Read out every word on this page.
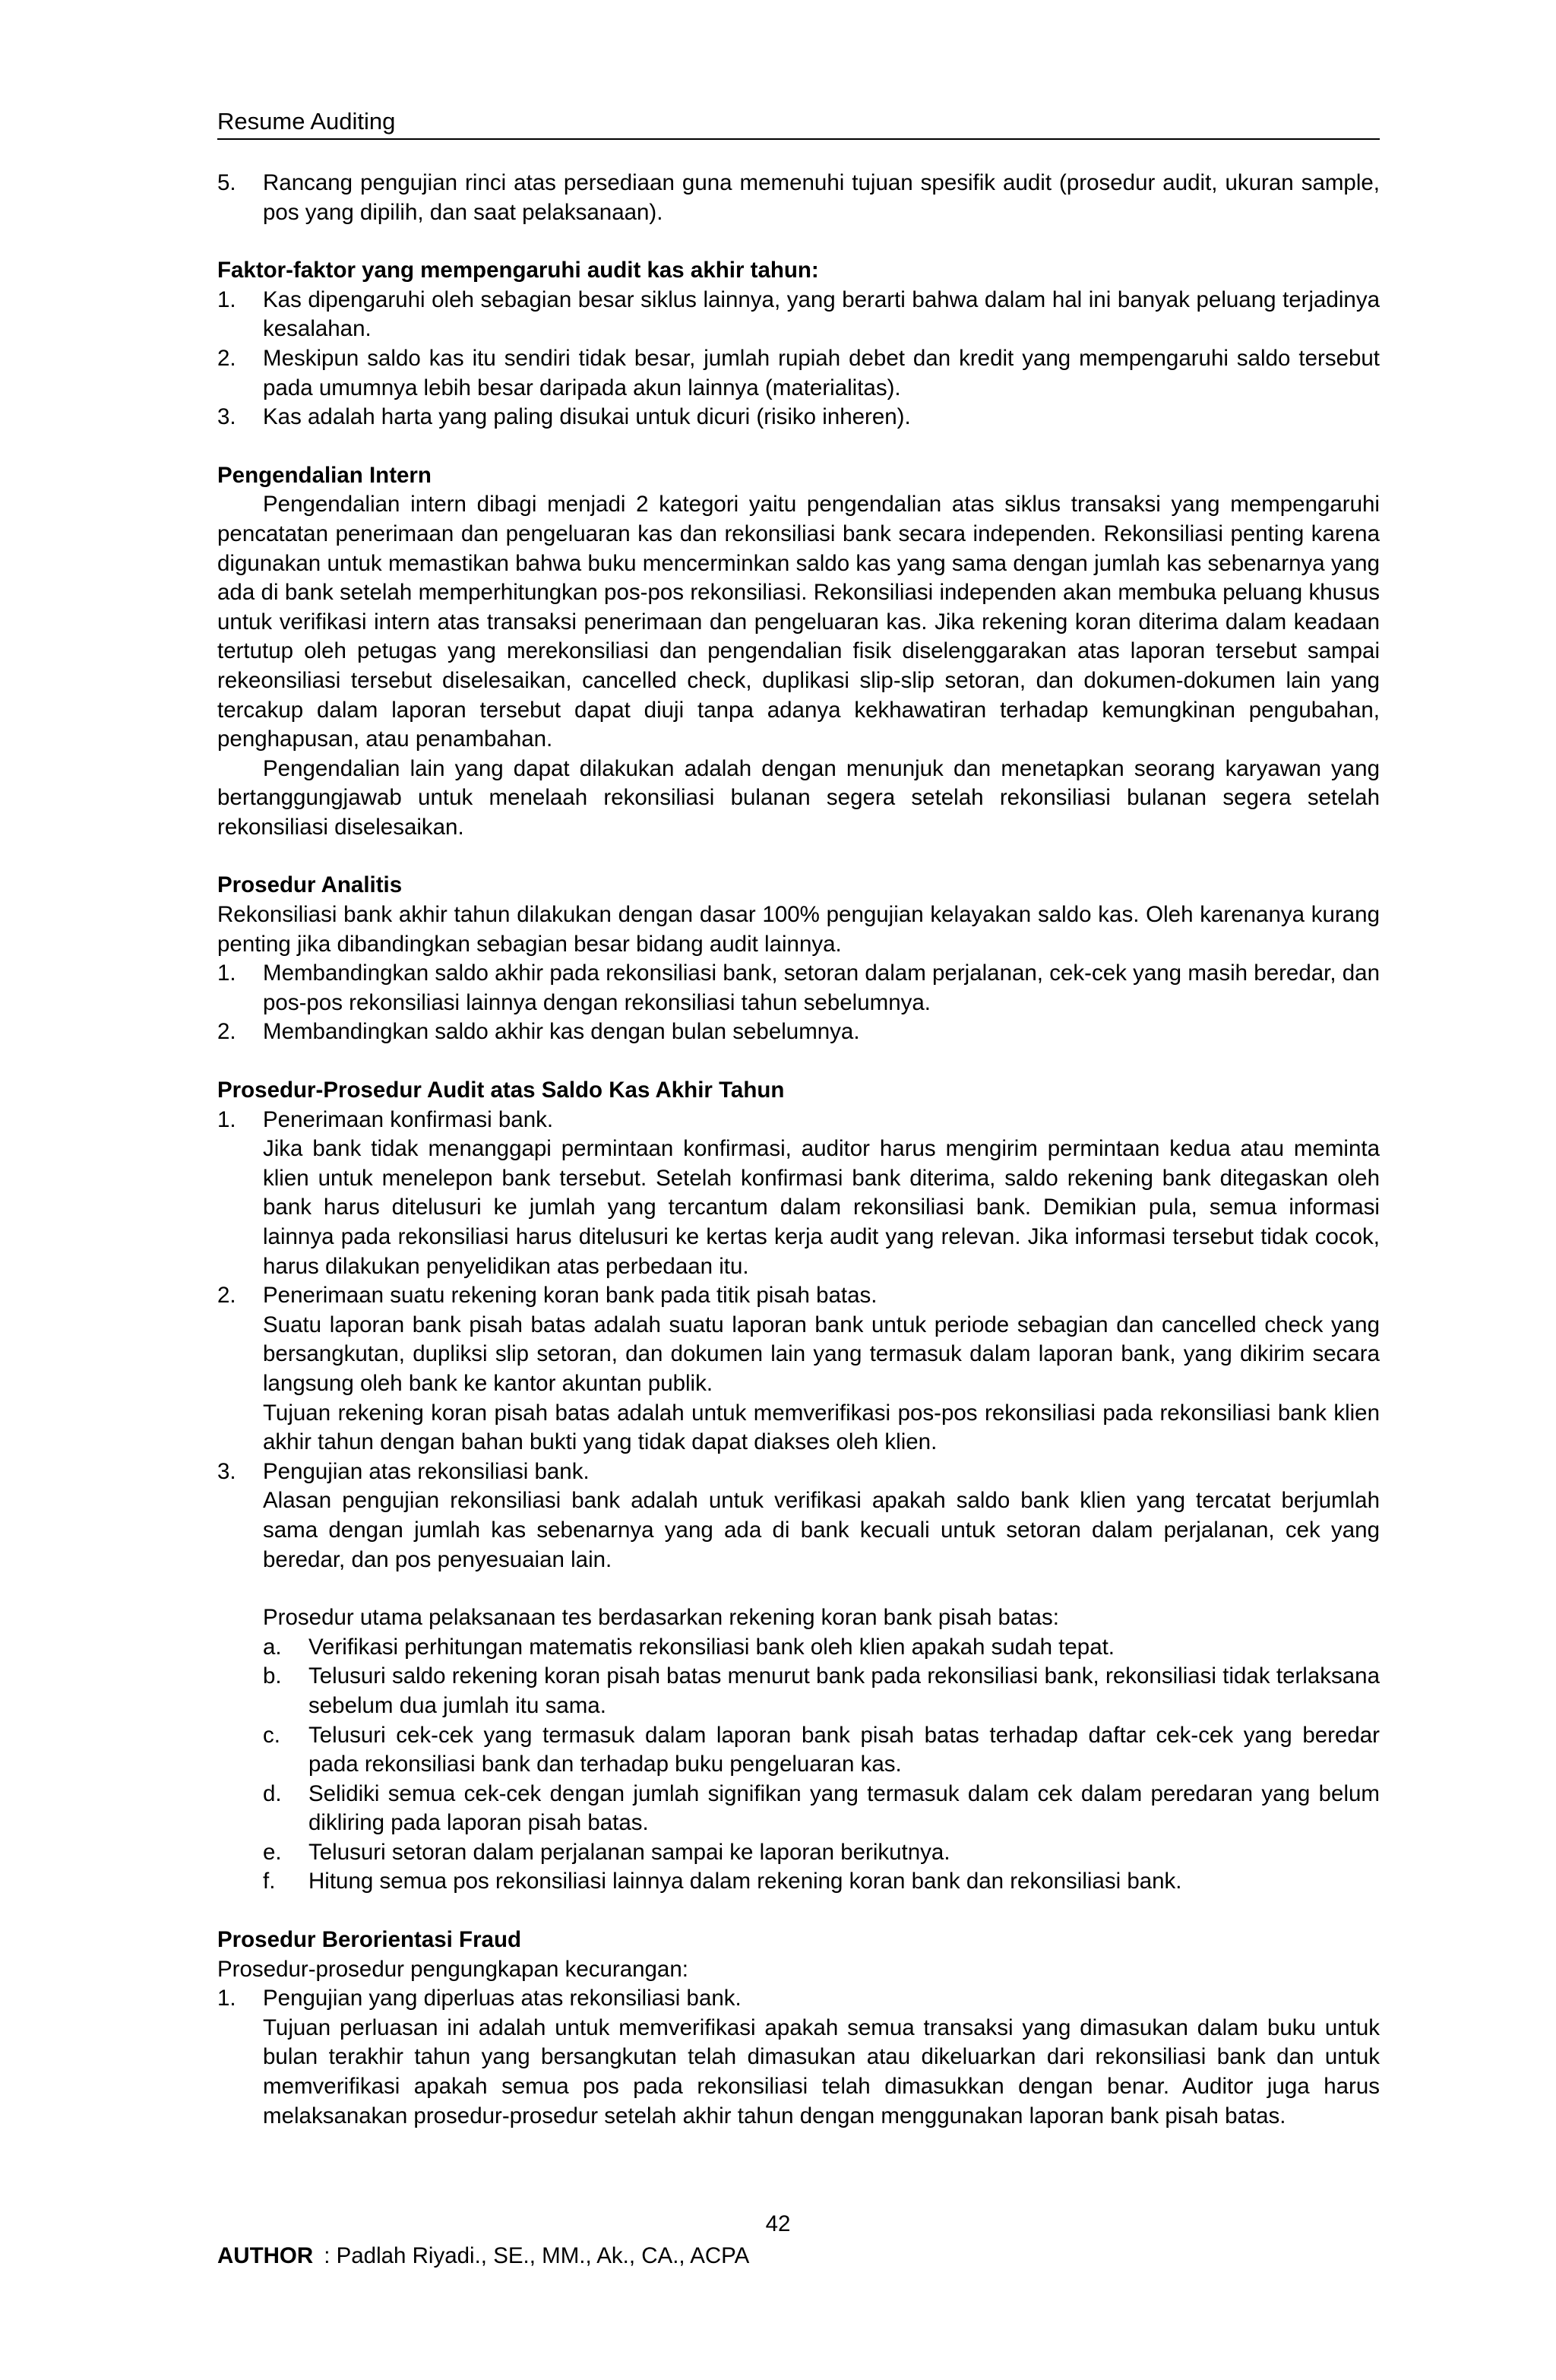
Resume Auditing
5. Rancang pengujian rinci atas persediaan guna memenuhi tujuan spesifik audit (prosedur audit, ukuran sample, pos yang dipilih, dan saat pelaksanaan).

Faktor-faktor yang mempengaruhi audit kas akhir tahun:

1. Kas dipengaruhi oleh sebagian besar siklus lainnya, yang berarti bahwa dalam hal ini banyak peluang terjadinya kesalahan.
2. Meskipun saldo kas itu sendiri tidak besar, jumlah rupiah debet dan kredit yang mempengaruhi saldo tersebut pada umumnya lebih besar daripada akun lainnya (materialitas).
3. Kas adalah harta yang paling disukai untuk dicuri (risiko inheren).

Pengendalian Intern

Pengendalian intern dibagi menjadi 2 kategori yaitu pengendalian atas siklus transaksi yang mempengaruhi pencatatan penerimaan dan pengeluaran kas dan rekonsiliasi bank secara independen. Rekonsiliasi penting karena digunakan untuk memastikan bahwa buku mencerminkan saldo kas yang sama dengan jumlah kas sebenarnya yang ada di bank setelah memperhitungkan pos-pos rekonsiliasi. Rekonsiliasi independen akan membuka peluang khusus untuk verifikasi intern atas transaksi penerimaan dan pengeluaran kas. Jika rekening koran diterima dalam keadaan tertutup oleh petugas yang merekonsiliasi dan pengendalian fisik diselenggarakan atas laporan tersebut sampai rekeonsiliasi tersebut diselesaikan, cancelled check, duplikasi slip-slip setoran, dan dokumen-dokumen lain yang tercakup dalam laporan tersebut dapat diuji tanpa adanya kekhawatiran terhadap kemungkinan pengubahan, penghapusan, atau penambahan.

Pengendalian lain yang dapat dilakukan adalah dengan menunjuk dan menetapkan seorang karyawan yang bertanggungjawab untuk menelaah rekonsiliasi bulanan segera setelah rekonsiliasi bulanan segera setelah rekonsiliasi diselesaikan.

Prosedur Analitis

Rekonsiliasi bank akhir tahun dilakukan dengan dasar 100% pengujian kelayakan saldo kas. Oleh karenanya kurang penting jika dibandingkan sebagian besar bidang audit lainnya.

1. Membandingkan saldo akhir pada rekonsiliasi bank, setoran dalam perjalanan, cek-cek yang masih beredar, dan pos-pos rekonsiliasi lainnya dengan rekonsiliasi tahun sebelumnya.
2. Membandingkan saldo akhir kas dengan bulan sebelumnya.

Prosedur-Prosedur Audit atas Saldo Kas Akhir Tahun

1. Penerimaan konfirmasi bank.
Jika bank tidak menanggapi permintaan konfirmasi, auditor harus mengirim permintaan kedua atau meminta klien untuk menelepon bank tersebut. Setelah konfirmasi bank diterima, saldo rekening bank ditegaskan oleh bank harus ditelusuri ke jumlah yang tercantum dalam rekonsiliasi bank. Demikian pula, semua informasi lainnya pada rekonsiliasi harus ditelusuri ke kertas kerja audit yang relevan. Jika informasi tersebut tidak cocok, harus dilakukan penyelidikan atas perbedaan itu.
2. Penerimaan suatu rekening koran bank pada titik pisah batas.
Suatu laporan bank pisah batas adalah suatu laporan bank untuk periode sebagian dan cancelled check yang bersangkutan, dupliksi slip setoran, dan dokumen lain yang termasuk dalam laporan bank, yang dikirim secara langsung oleh bank ke kantor akuntan publik.
Tujuan rekening koran pisah batas adalah untuk memverifikasi pos-pos rekonsiliasi pada rekonsiliasi bank klien akhir tahun dengan bahan bukti yang tidak dapat diakses oleh klien.
3. Pengujian atas rekonsiliasi bank.
Alasan pengujian rekonsiliasi bank adalah untuk verifikasi apakah saldo bank klien yang tercatat berjumlah sama dengan jumlah kas sebenarnya yang ada di bank kecuali untuk setoran dalam perjalanan, cek yang beredar, dan pos penyesuaian lain.
Prosedur utama pelaksanaan tes berdasarkan rekening koran bank pisah batas:
a. Verifikasi perhitungan matematis rekonsiliasi bank oleh klien apakah sudah tepat.
b. Telusuri saldo rekening koran pisah batas menurut bank pada rekonsiliasi bank, rekonsiliasi tidak terlaksana sebelum dua jumlah itu sama.
c. Telusuri cek-cek yang termasuk dalam laporan bank pisah batas terhadap daftar cek-cek yang beredar pada rekonsiliasi bank dan terhadap buku pengeluaran kas.
d. Selidiki semua cek-cek dengan jumlah signifikan yang termasuk dalam cek dalam peredaran yang belum dikliring pada laporan pisah batas.
e. Telusuri setoran dalam perjalanan sampai ke laporan berikutnya.
f. Hitung semua pos rekonsiliasi lainnya dalam rekening koran bank dan rekonsiliasi bank.

Prosedur Berorientasi Fraud

Prosedur-prosedur pengungkapan kecurangan:

1. Pengujian yang diperluas atas rekonsiliasi bank.
Tujuan perluasan ini adalah untuk memverifikasi apakah semua transaksi yang dimasukan dalam buku untuk bulan terakhir tahun yang bersangkutan telah dimasukan atau dikeluarkan dari rekonsiliasi bank dan untuk memverifikasi apakah semua pos pada rekonsiliasi telah dimasukkan dengan benar. Auditor juga harus melaksanakan prosedur-prosedur setelah akhir tahun dengan menggunakan laporan bank pisah batas.
42
AUTHOR : Padlah Riyadi., SE., MM., Ak., CA., ACPA
